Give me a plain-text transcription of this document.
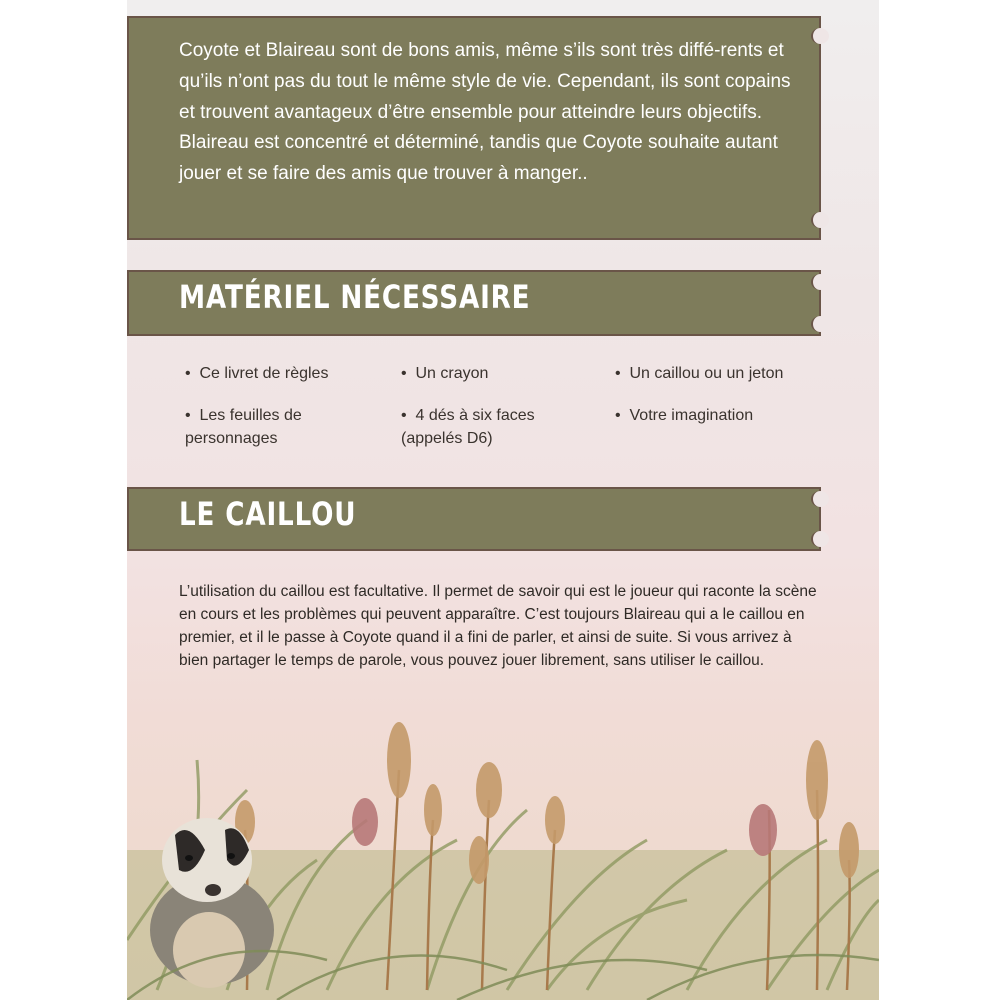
Coyote et Blaireau sont de bons amis, même s’ils sont très diffé-rents et qu’ils n’ont pas du tout le même style de vie. Cependant, ils sont copains et trouvent avantageux d’être ensemble pour atteindre leurs objectifs. Blaireau est concentré et déterminé, tandis que Coyote souhaite autant jouer et se faire des amis que trouver à manger..
MATÉRIEL NÉCESSAIRE
•  Ce livret de règles
•  Les feuilles de personnages
•  Un crayon
•  4 dés à six faces (appelés D6)
•  Un caillou ou un jeton
•  Votre imagination
LE CAILLOU
L’utilisation du caillou est facultative. Il permet de savoir qui est le joueur qui raconte la scène en cours et les problèmes qui peuvent apparaître. C’est toujours Blaireau qui a le caillou en premier, et il le passe à Coyote quand il a fini de parler, et ainsi de suite. Si vous arrivez à bien partager le temps de parole, vous pouvez jouer librement, sans utiliser le caillou.
